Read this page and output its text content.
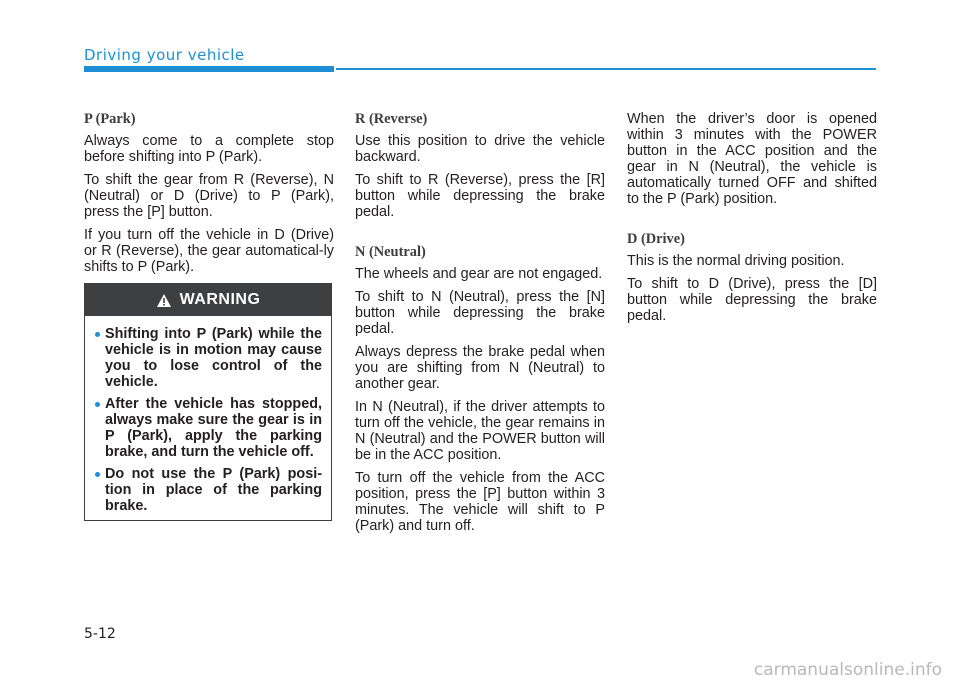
Driving your vehicle
P (Park)

Always come to a complete stop before shifting into P (Park).

To shift the gear from R (Reverse), N (Neutral) or D (Drive) to P (Park), press the [P] button.

If you turn off the vehicle in D (Drive) or R (Reverse), the gear automatical-ly shifts to P (Park).

WARNING
Shifting into P (Park) while the vehicle is in motion may cause you to lose control of the vehicle.
After the vehicle has stopped, always make sure the gear is in P (Park), apply the parking brake, and turn the vehicle off.
Do not use the P (Park) posi-tion in place of the parking brake.
R (Reverse)

Use this position to drive the vehicle backward.

To shift to R (Reverse), press the [R] button while depressing the brake pedal.

N (Neutral)

The wheels and gear are not engaged.

To shift to N (Neutral), press the [N] button while depressing the brake pedal.

Always depress the brake pedal when you are shifting from N (Neutral) to another gear.

In N (Neutral), if the driver attempts to turn off the vehicle, the gear remains in N (Neutral) and the POWER button will be in the ACC position.

To turn off the vehicle from the ACC position, press the [P] button within 3 minutes. The vehicle will shift to P (Park) and turn off.

When the driver’s door is opened within 3 minutes with the POWER button in the ACC position and the gear in N (Neutral), the vehicle is automatically turned OFF and shifted to the P (Park) position.

D (Drive)

This is the normal driving position.

To shift to D (Drive), press the [D] button while depressing the brake pedal.

5-12
carmanualsonline.info
